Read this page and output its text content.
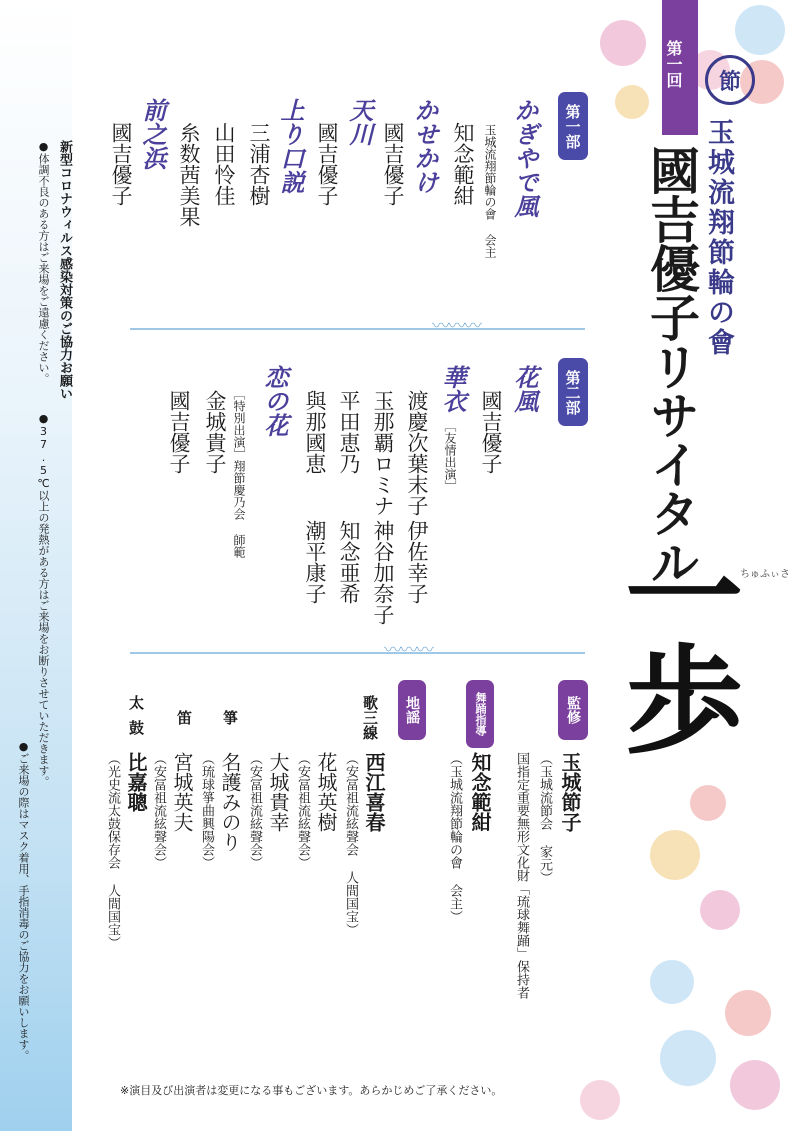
第一回	節
玉城流翔節輪の會
國吉優子リサイタル	ちゅふぃさ
一歩
第一部
かぎやで風
玉城流翔節輪の會 会主
知念範紺
かせかけ
國吉優子
天川
國吉優子
上り口説
三浦杏樹
山田怜佳
糸数茜美果
前之浜
國吉優子
〰〰〰
第二部
花風
國吉優子
華衣
［友情出演］
渡慶次葉末子
伊佐幸子
玉那覇ロミナ
神谷加奈子
平田恵乃
知念亜希
與那國恵
潮平康子
恋の花
［特別出演］翔節慶乃会 師範
金城貴子
國吉優子
〰〰〰
監修
玉城節子
（玉城流節会 家元）
国指定重要無形文化財「琉球舞踊」保持者
舞踊指導
知念範紺
（玉城流翔節輪の會 会主）
地謡
歌三線
西江喜春
（安冨祖流絃聲会 人間国宝）
花城英樹
（安冨祖流絃聲会）
大城貴幸
（安冨祖流絃聲会）
箏
名護みのり
（琉球箏曲興陽会）
笛
宮城英夫
（安冨祖流絃聲会）
太鼓
比嘉聰
（光史流太鼓保存会 人間国宝）
新型コロナウィルス感染対策のご協力お願い
●体調不良のある方はご来場をご遠慮ください。
●37.5℃以上の発熱がある方はご来場をお断りさせていただきます。
●ご来場の際はマスク着用、手指消毒のご協力をお願いします。
※演目及び出演者は変更になる事もございます。あらかじめご了承ください。
